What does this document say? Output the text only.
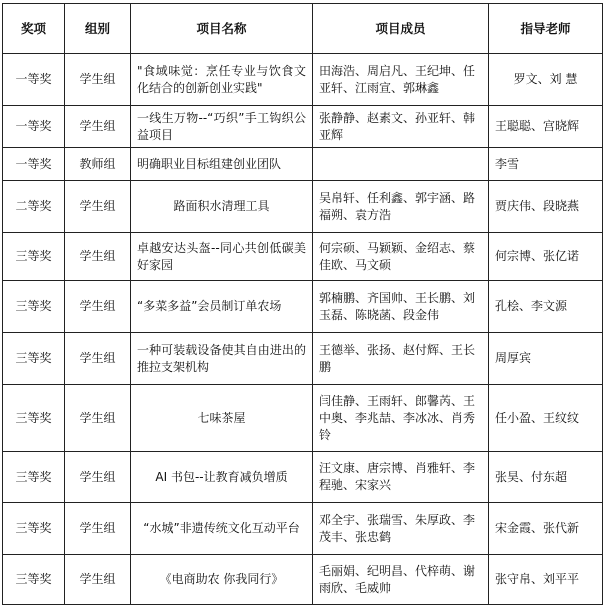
奖项	组别	项目名称	项目成员	指导老师
一等奖	学生组	"食域味觉：烹任专业与饮食文化结合的创新创业实践"	田海浩、周启凡、王纪坤、任亚轩、江雨宣、郭琳鑫	罗文、刘 慧
一等奖	学生组	一线生万物--“巧织”手工钩织公益项目	张静静、赵素文、孙亚轩、韩亚辉	王聪聪、宫晓辉
一等奖	教师组	明确职业目标组建创业团队		李雪
二等奖	学生组	路面积水清理工具	吴帛轩、任利鑫、郭宇涵、路福朔、袁方浩	贾庆伟、段晓燕
三等奖	学生组	卓越安达头盔--同心共创低碳美好家园	何宗硕、马颖颖、金绍志、蔡佳欧、马文硕	何宗博、张亿诺
三等奖	学生组	“多菜多益”会员制订单农场	郭楠鹏、齐国帅、王长鹏、刘玉磊、陈晓菡、段金伟	孔桧、李文源
三等奖	学生组	一种可装载设备使其自由进出的推拉支架机构	王德举、张扬、赵付辉、王长鹏	周厚宾
三等奖	学生组	七味茶屋	闫佳静、王雨轩、郎馨芮、王中奥、李兆喆、李冰冰、肖秀铃	任小盈、王纹纹
三等奖	学生组	AI 书包--让教育减负增质	汪文康、唐宗博、肖雅轩、李程驰、宋家兴	张昊、付东超
三等奖	学生组	“水城”非遗传统文化互动平台	邓全宇、张瑞雪、朱厚政、李茂丰、张忠鹤	宋金霞、张代新
三等奖	学生组	《电商助农 你我同行》	毛丽娟、纪明昌、代梓萌、谢雨欣、毛威帅	张守帛、刘平平
